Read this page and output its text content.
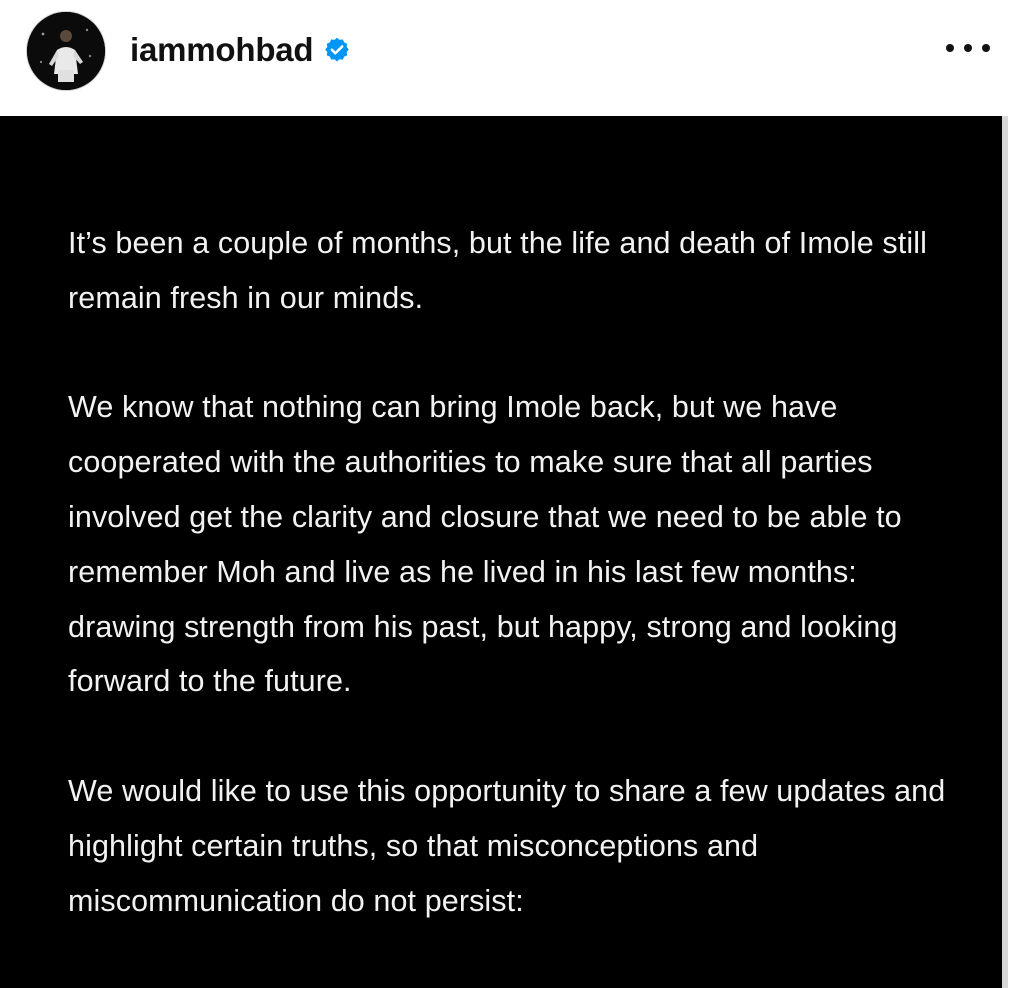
iammohbad

It’s been a couple of months, but the life and death of Imole still remain fresh in our minds.

We know that nothing can bring Imole back, but we have cooperated with the authorities to make sure that all parties involved get the clarity and closure that we need to be able to remember Moh and live as he lived in his last few months: drawing strength from his past, but happy, strong and looking forward to the future.

We would like to use this opportunity to share a few updates and highlight certain truths, so that misconceptions and miscommunication do not persist:
